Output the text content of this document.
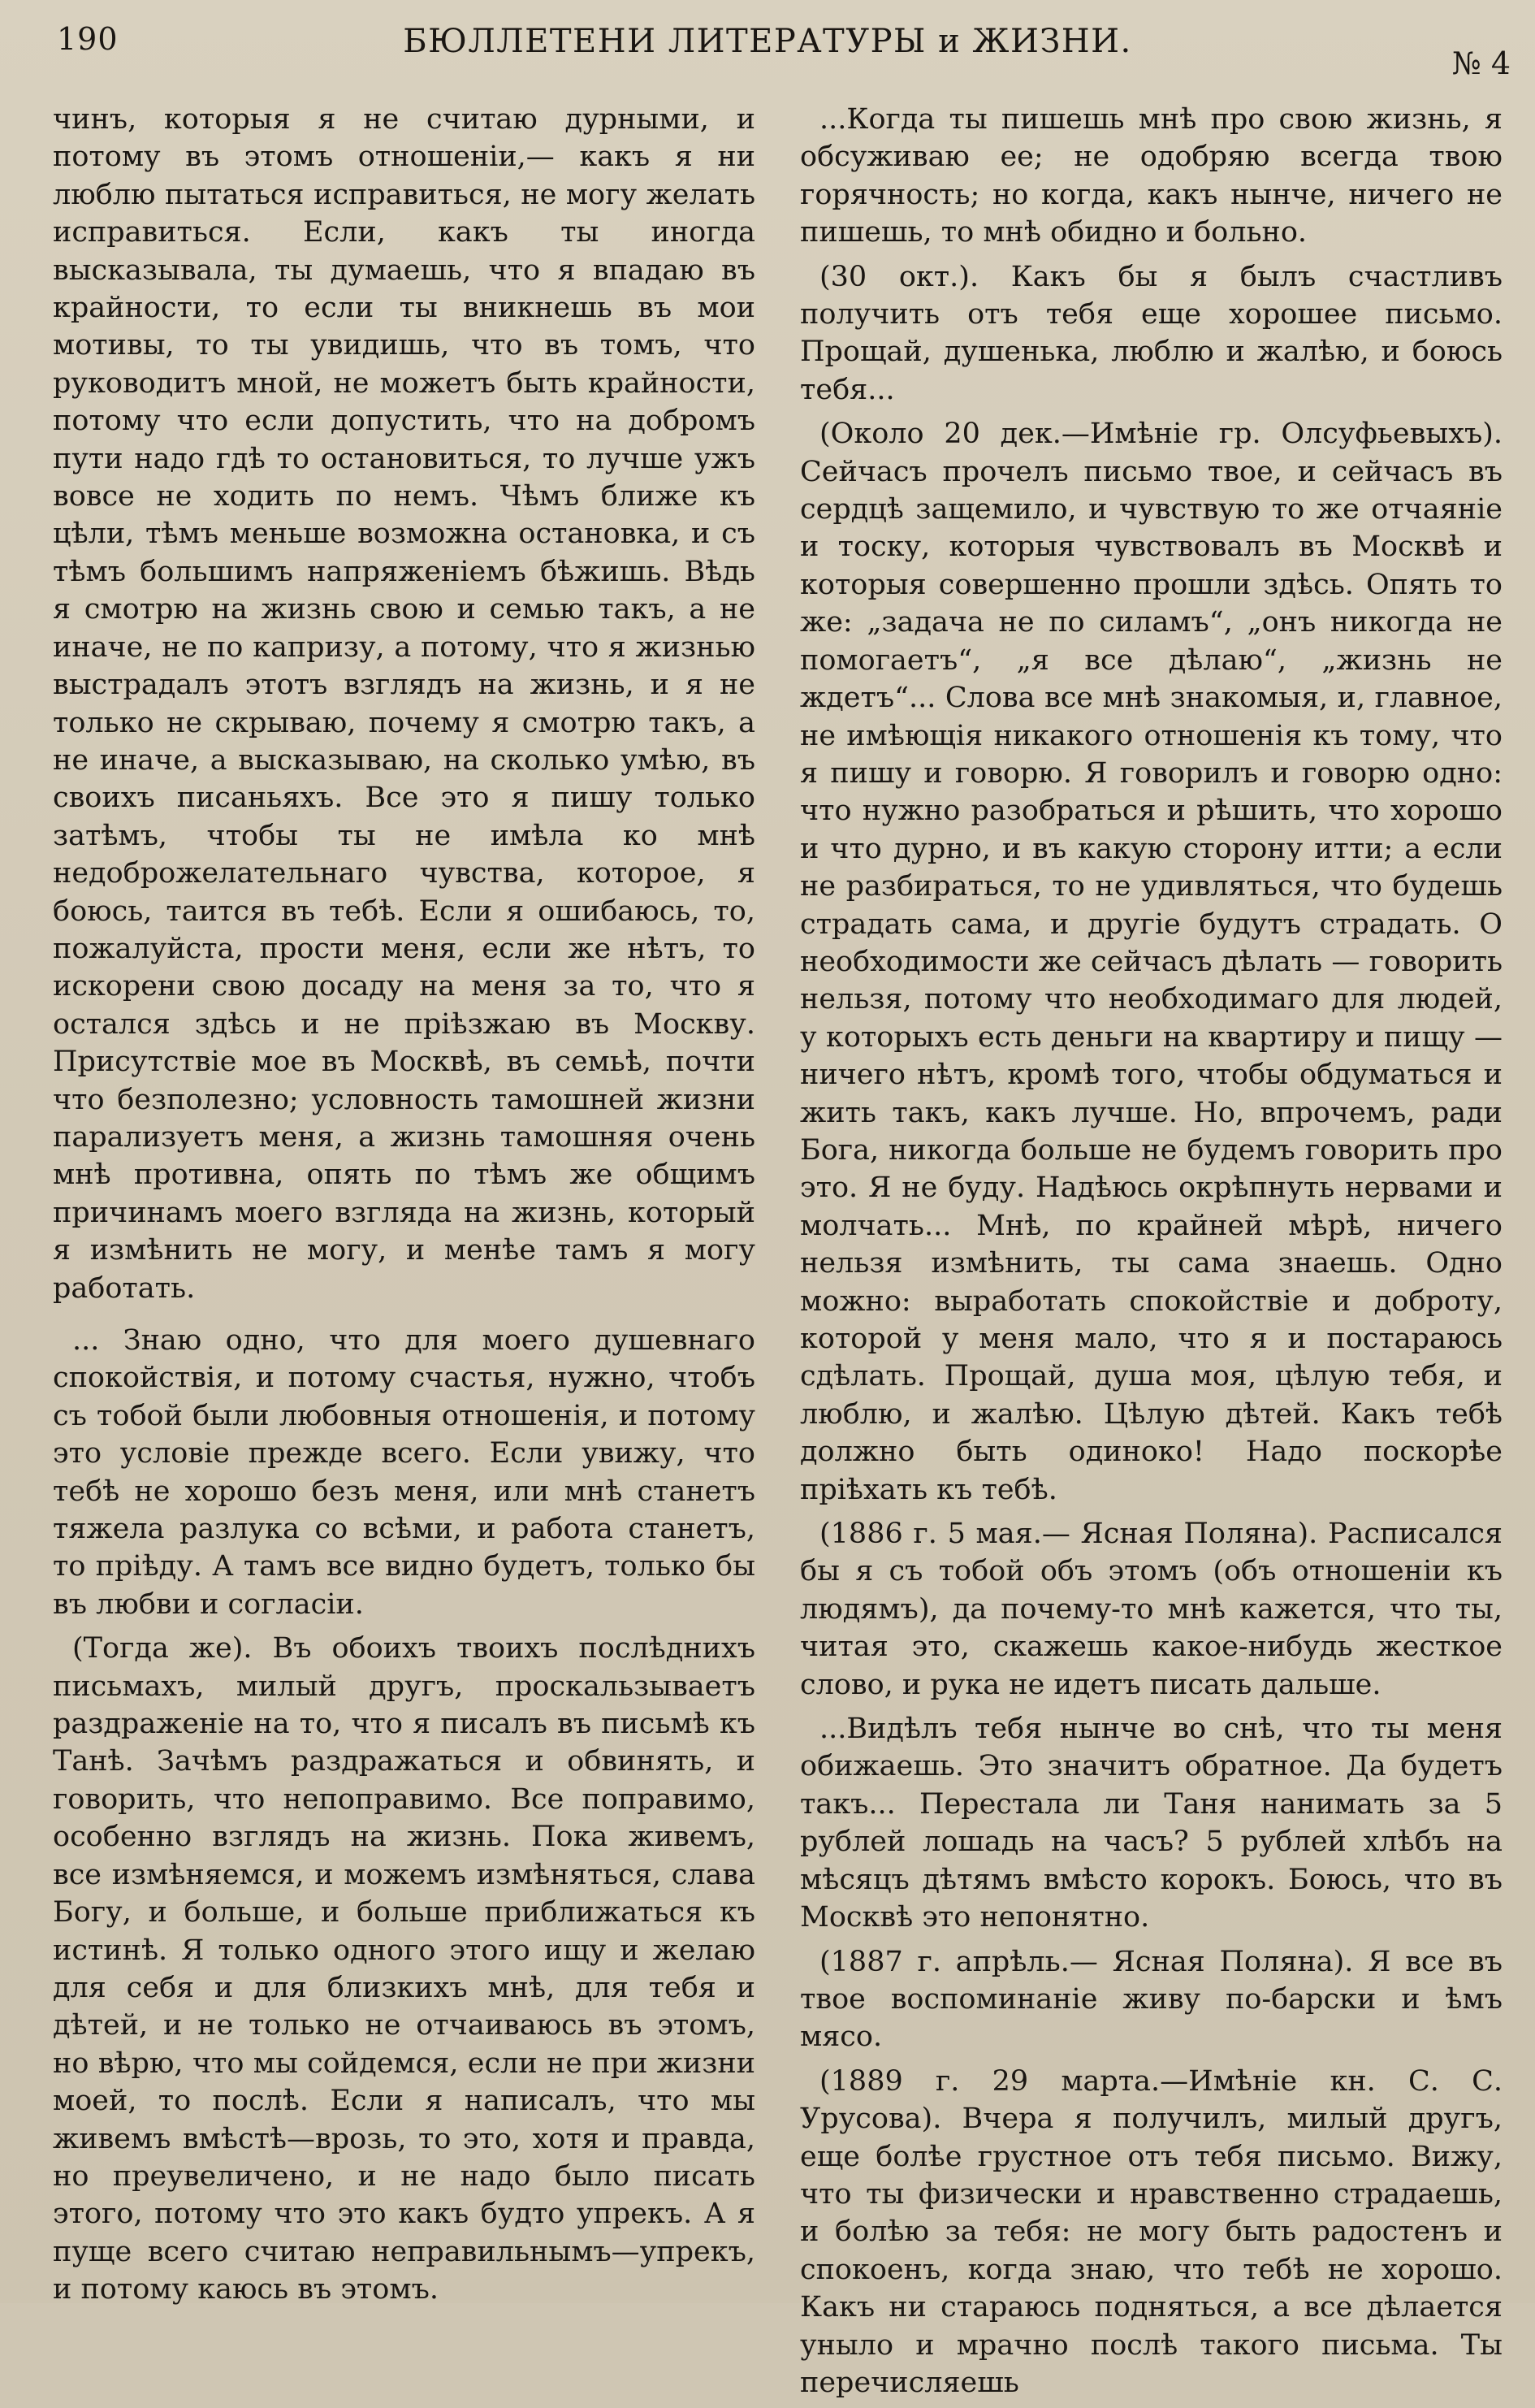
190	БЮЛЛЕТЕНИ ЛИТЕРАТУРЫ и ЖИЗНИ.
№ 4

чинъ, которыя я не считаю дурными, и потому въ этомъ отношенiи,— какъ я ни люблю пытаться исправиться, не могу желать исправиться. Если, какъ ты иногда высказывала, ты думаешь, что я впадаю въ крайности, то если ты вникнешь въ мои мотивы, то ты увидишь, что въ томъ, что руководитъ мной, не можетъ быть крайности, потому что если допустить, что на добромъ пути надо гдѣ то остановиться, то лучше ужъ вовсе не ходить по немъ. Чѣмъ ближе къ цѣли, тѣмъ меньше возможна остановка, и съ тѣмъ большимъ напряженiемъ бѣжишь. Вѣдь я смотрю на жизнь свою и семью такъ, а не иначе, не по капризу, а потому, что я жизнью выстрадалъ этотъ взглядъ на жизнь, и я не только не скрываю, почему я смотрю такъ, а не иначе, а высказываю, на сколько умѣю, въ своихъ писаньяхъ. Все это я пишу только затѣмъ, чтобы ты не имѣла ко мнѣ недоброжелательнаго чувства, которое, я боюсь, таится въ тебѣ. Если я ошибаюсь, то, пожалуйста, прости меня, если же нѣтъ, то искорени свою досаду на меня за то, что я остался здѣсь и не прiѣзжаю въ Москву. Присутствiе мое въ Москвѣ, въ семьѣ, почти что безполезно; условность тамошней жизни парализуетъ меня, а жизнь тамошняя очень мнѣ противна, опять по тѣмъ же общимъ причинамъ моего взгляда на жизнь, который я измѣнить не могу, и менѣе тамъ я могу работать.

... Знаю одно, что для моего душевнаго спокойствiя, и потому счастья, нужно, чтобъ съ тобой были любовныя отношенiя, и потому это условiе прежде всего. Если увижу, что тебѣ не хорошо безъ меня, или мнѣ станетъ тяжела разлука со всѣми, и работа станетъ, то прiѣду. А тамъ все видно будетъ, только бы въ любви и согласiи.

(Тогда же). Въ обоихъ твоихъ послѣднихъ письмахъ, милый другъ, проскальзываетъ раздраженiе на то, что я писалъ въ письмѣ къ Танѣ. Зачѣмъ раздражаться и обвинять, и говорить, что непоправимо. Все поправимо, особенно взглядъ на жизнь. Пока живемъ, все измѣняемся, и можемъ измѣняться, слава Богу, и больше, и больше приближаться къ истинѣ. Я только одного этого ищу и желаю для себя и для близкихъ мнѣ, для тебя и дѣтей, и не только не отчаиваюсь въ этомъ, но вѣрю, что мы сойдемся, если не при жизни моей, то послѣ. Если я написалъ, что мы живемъ вмѣстѣ—врозь, то это, хотя и правда, но преувеличено, и не надо было писать этого, потому что это какъ будто упрекъ. А я пуще всего считаю неправильнымъ—упрекъ, и потому каюсь въ этомъ.

...Когда ты пишешь мнѣ про свою жизнь, я обсуживаю ее; не одобряю всегда твою горячность; но когда, какъ нынче, ничего не пишешь, то мнѣ обидно и больно.

(30 окт.). Какъ бы я былъ счастливъ получить отъ тебя еще хорошее письмо. Прощай, душенька, люблю и жалѣю, и боюсь тебя...

(Около 20 дек.—Имѣнiе гр. Олсуфьевыхъ). Сейчасъ прочелъ письмо твое, и сейчасъ въ сердцѣ защемило, и чувствую то же отчаянiе и тоску, которыя чувствовалъ въ Москвѣ и которыя совершенно прошли здѣсь. Опять то же: „задача не по силамъ“, „онъ никогда не помогаетъ“, „я все дѣлаю“, „жизнь не ждетъ“... Слова все мнѣ знакомыя, и, главное, не имѣющiя никакого отношенiя къ тому, что я пишу и говорю. Я говорилъ и говорю одно: что нужно разобраться и рѣшить, что хорошо и что дурно, и въ какую сторону итти; а если не разбираться, то не удивляться, что будешь страдать сама, и другiе будутъ страдать. О необходимости же сейчасъ дѣлать — говорить нельзя, потому что необходимаго для людей, у которыхъ есть деньги на квартиру и пищу — ничего нѣтъ, кромѣ того, чтобы обдуматься и жить такъ, какъ лучше. Но, впрочемъ, ради Бога, никогда больше не будемъ говорить про это. Я не буду. Надѣюсь окрѣпнуть нервами и молчать... Мнѣ, по крайней мѣрѣ, ничего нельзя измѣнить, ты сама знаешь. Одно можно: выработать спокойствiе и доброту, которой у меня мало, что я и постараюсь сдѣлать. Прощай, душа моя, цѣлую тебя, и люблю, и жалѣю. Цѣлую дѣтей. Какъ тебѣ должно быть одиноко! Надо поскорѣе прiѣхать къ тебѣ.

(1886 г. 5 мая.— Ясная Поляна). Расписался бы я съ тобой объ этомъ (объ отношенiи къ людямъ), да почему-то мнѣ кажется, что ты, читая это, скажешь какое-нибудь жесткое слово, и рука не идетъ писать дальше.

...Видѣлъ тебя нынче во снѣ, что ты меня обижаешь. Это значитъ обратное. Да будетъ такъ... Перестала ли Таня нанимать за 5 рублей лошадь на часъ? 5 рублей хлѣбъ на мѣсяцъ дѣтямъ вмѣсто корокъ. Боюсь, что въ Москвѣ это непонятно.

(1887 г. апрѣль.— Ясная Поляна). Я все въ твое воспоминанiе живу по-барски и ѣмъ мясо.

(1889 г. 29 марта.—Имѣнiе кн. С. С. Урусова). Вчера я получилъ, милый другъ, еще болѣе грустное отъ тебя письмо. Вижу, что ты физически и нравственно страдаешь, и болѣю за тебя: не могу быть радостенъ и спокоенъ, когда знаю, что тебѣ не хорошо. Какъ ни стараюсь подняться, а все дѣлается уныло и мрачно послѣ такого письма. Ты перечисляешь
